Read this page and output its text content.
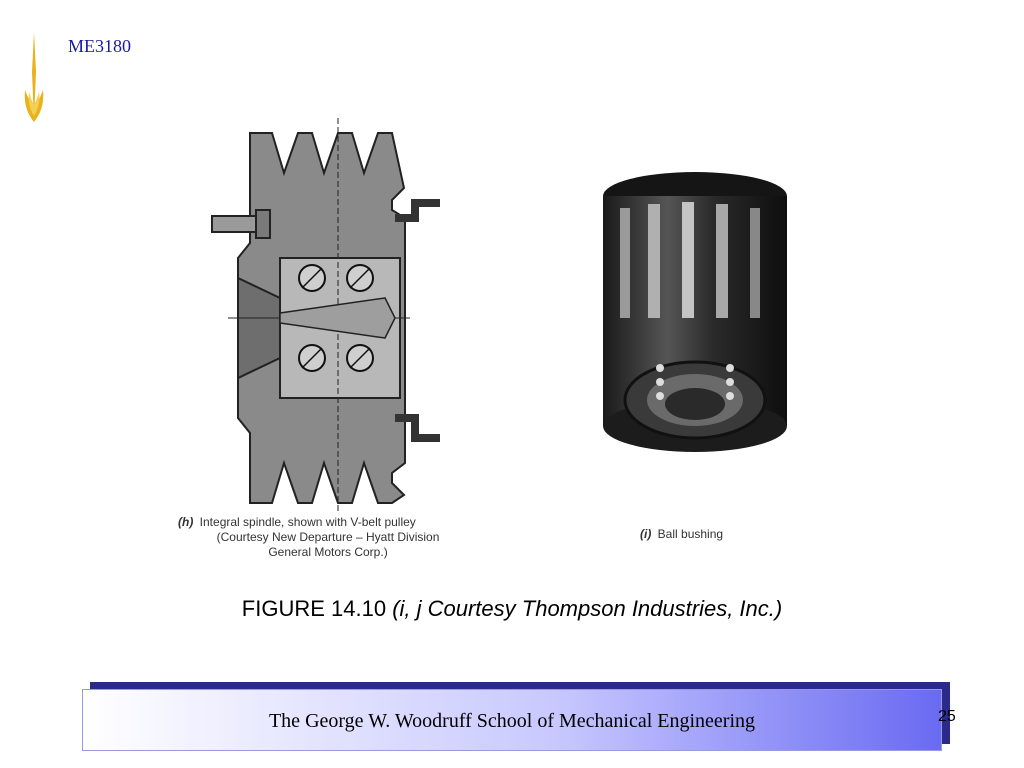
ME3180
(h) Integral spindle, shown with V-belt pulley
(Courtesy New Departure – Hyatt Division
General Motors Corp.)
(i) Ball bushing
FIGURE 14.10 (i, j Courtesy Thompson Industries, Inc.)
The George W. Woodruff School of Mechanical Engineering	25
